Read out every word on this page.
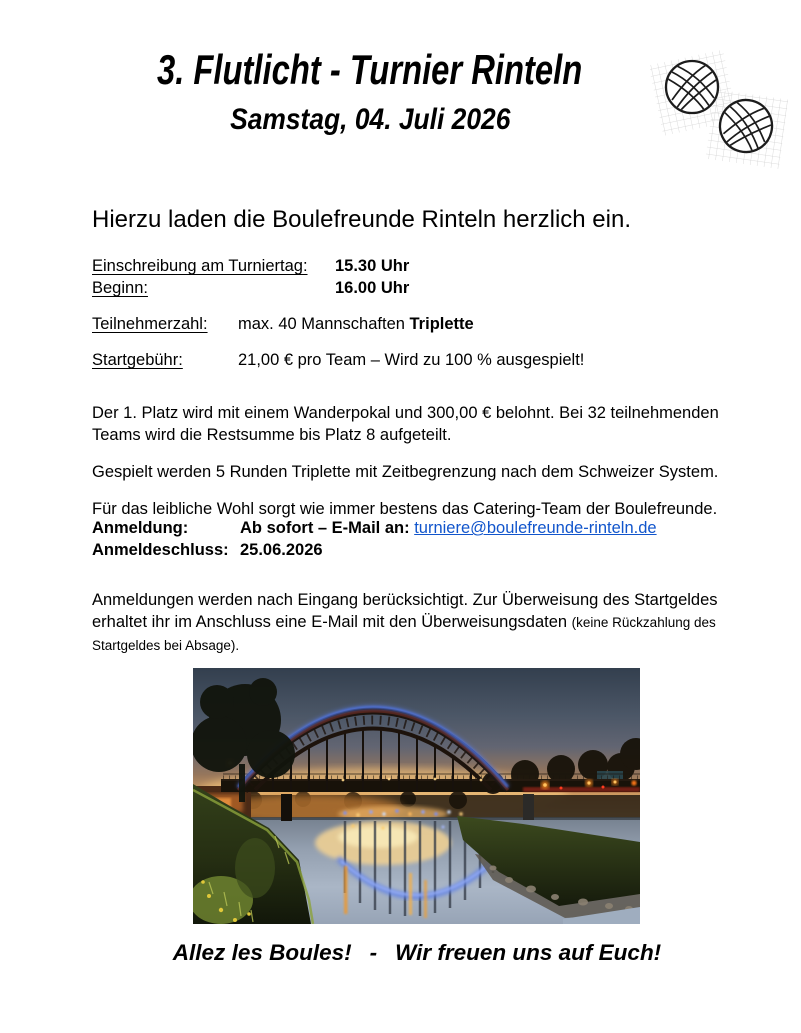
3. Flutlicht - Turnier Rinteln
Samstag, 04. Juli 2026

Hierzu laden die Boulefreunde Rinteln herzlich ein.

Einschreibung am Turniertag: 15.30 Uhr
Beginn:	16.00 Uhr
Teilnehmerzahl: max. 40 Mannschaften Triplette
Startgebühr:	21,00 € pro Team – Wird zu 100 % ausgespielt!

Der 1. Platz wird mit einem Wanderpokal und 300,00 € belohnt. Bei 32 teilnehmenden Teams wird die Restsumme bis Platz 8 aufgeteilt.

Gespielt werden 5 Runden Triplette mit Zeitbegrenzung nach dem Schweizer System.

Für das leibliche Wohl sorgt wie immer bestens das Catering-Team der Boulefreunde.

Anmeldung:	Ab sofort – E-Mail an: turniere@boulefreunde-rinteln.de
Anmeldeschluss: 25.06.2026

Anmeldungen werden nach Eingang berücksichtigt. Zur Überweisung des Startgeldes erhaltet ihr im Anschluss eine E-Mail mit den Überweisungsdaten (keine Rückzahlung des Startgeldes bei Absage).

Allez les Boules! - Wir freuen uns auf Euch!
